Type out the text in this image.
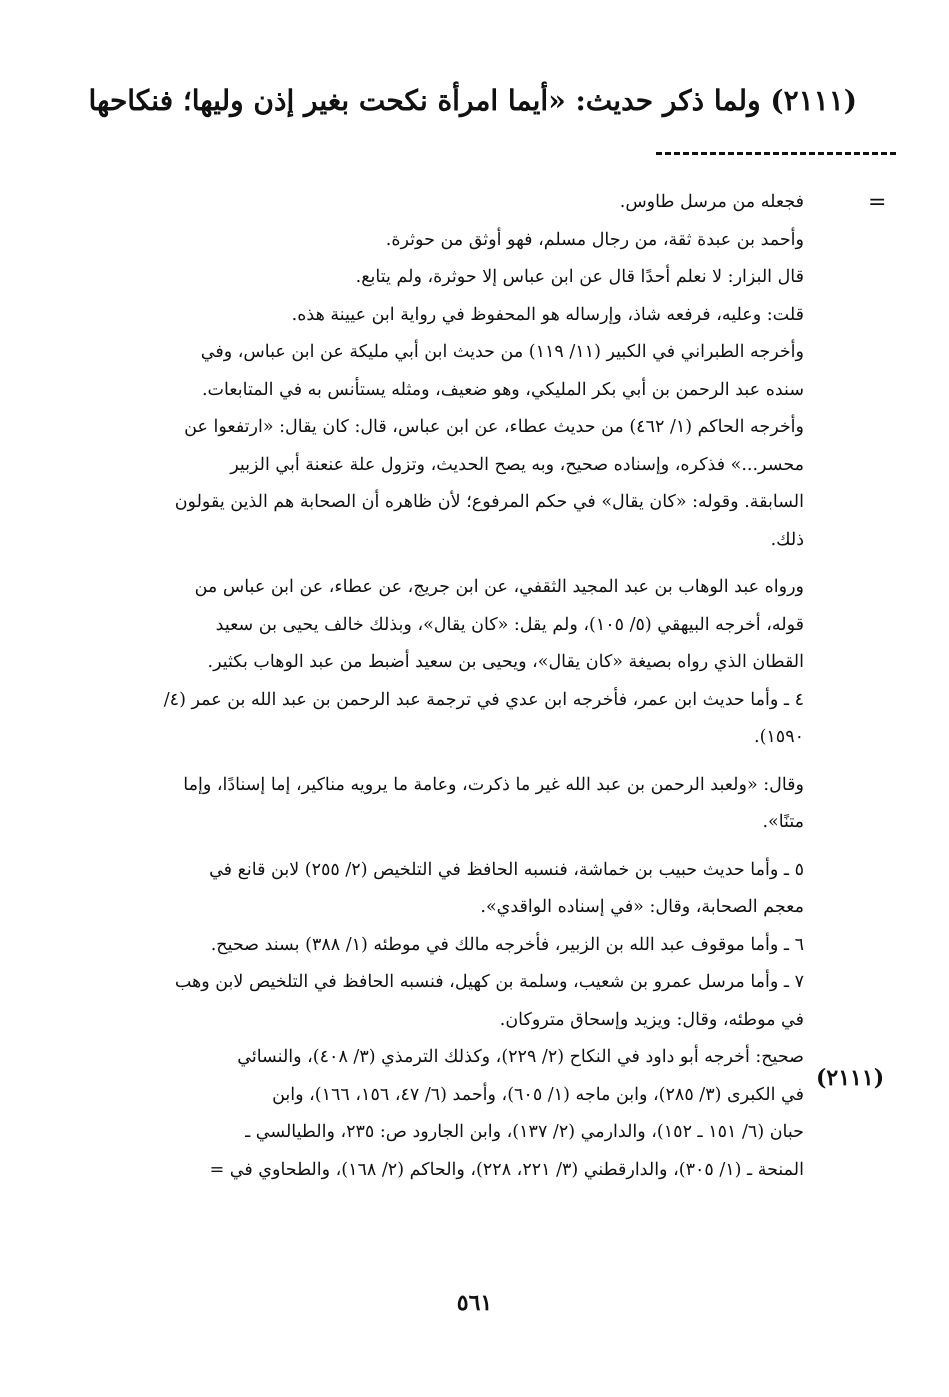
(٢١١١) ولما ذكر حديث: «أيما امرأة نكحت بغير إذن وليها؛ فنكاحها
=
فجعله من مرسل طاوس.
وأحمد بن عبدة ثقة، من رجال مسلم، فهو أوثق من حوثرة.
قال البزار: لا نعلم أحدًا قال عن ابن عباس إلا حوثرة، ولم يتابع.
قلت: وعليه، فرفعه شاذ، وإرساله هو المحفوظ في رواية ابن عيينة هذه.
وأخرجه الطبراني في الكبير (١١/ ١١٩) من حديث ابن أبي مليكة عن ابن عباس، وفي
سنده عبد الرحمن بن أبي بكر المليكي، وهو ضعيف، ومثله يستأنس به في المتابعات.
وأخرجه الحاكم (١/ ٤٦٢) من حديث عطاء، عن ابن عباس، قال: كان يقال: «ارتفعوا عن
محسر...» فذكره، وإسناده صحيح، وبه يصح الحديث، وتزول علة عنعنة أبي الزبير
السابقة. وقوله: «كان يقال» في حكم المرفوع؛ لأن ظاهره أن الصحابة هم الذين يقولون
ذلك.
ورواه عبد الوهاب بن عبد المجيد الثقفي، عن ابن جريج، عن عطاء، عن ابن عباس من
قوله، أخرجه البيهقي (٥/ ١٠٥)، ولم يقل: «كان يقال»، وبذلك خالف يحيى بن سعيد
القطان الذي رواه بصيغة «كان يقال»، ويحيى بن سعيد أضبط من عبد الوهاب بكثير.
٤ ـ وأما حديث ابن عمر، فأخرجه ابن عدي في ترجمة عبد الرحمن بن عبد الله بن عمر (٤/
١٥٩٠).
وقال: «ولعبد الرحمن بن عبد الله غير ما ذكرت، وعامة ما يرويه مناكير، إما إسنادًا، وإما
متنًا».
٥ ـ وأما حديث حبيب بن خماشة، فنسبه الحافظ في التلخيص (٢/ ٢٥٥) لابن قانع في
معجم الصحابة، وقال: «في إسناده الواقدي».
٦ ـ وأما موقوف عبد الله بن الزبير، فأخرجه مالك في موطئه (١/ ٣٨٨) بسند صحيح.
٧ ـ وأما مرسل عمرو بن شعيب، وسلمة بن كهيل، فنسبه الحافظ في التلخيص لابن وهب
في موطئه، وقال: ويزيد وإسحاق متروكان.
صحيح: أخرجه أبو داود في النكاح (٢/ ٢٢٩)، وكذلك الترمذي (٣/ ٤٠٨)، والنسائي
في الكبرى (٣/ ٢٨٥)، وابن ماجه (١/ ٦٠٥)، وأحمد (٦/ ٤٧، ١٥٦، ١٦٦)، وابن
حبان (٦/ ١٥١ ـ ١٥٢)، والدارمي (٢/ ١٣٧)، وابن الجارود ص: ٢٣٥، والطيالسي ـ
المنحة ـ (١/ ٣٠٥)، والدارقطني (٣/ ٢٢١، ٢٢٨)، والحاكم (٢/ ١٦٨)، والطحاوي في =
(٢١١١)
٥٦١
